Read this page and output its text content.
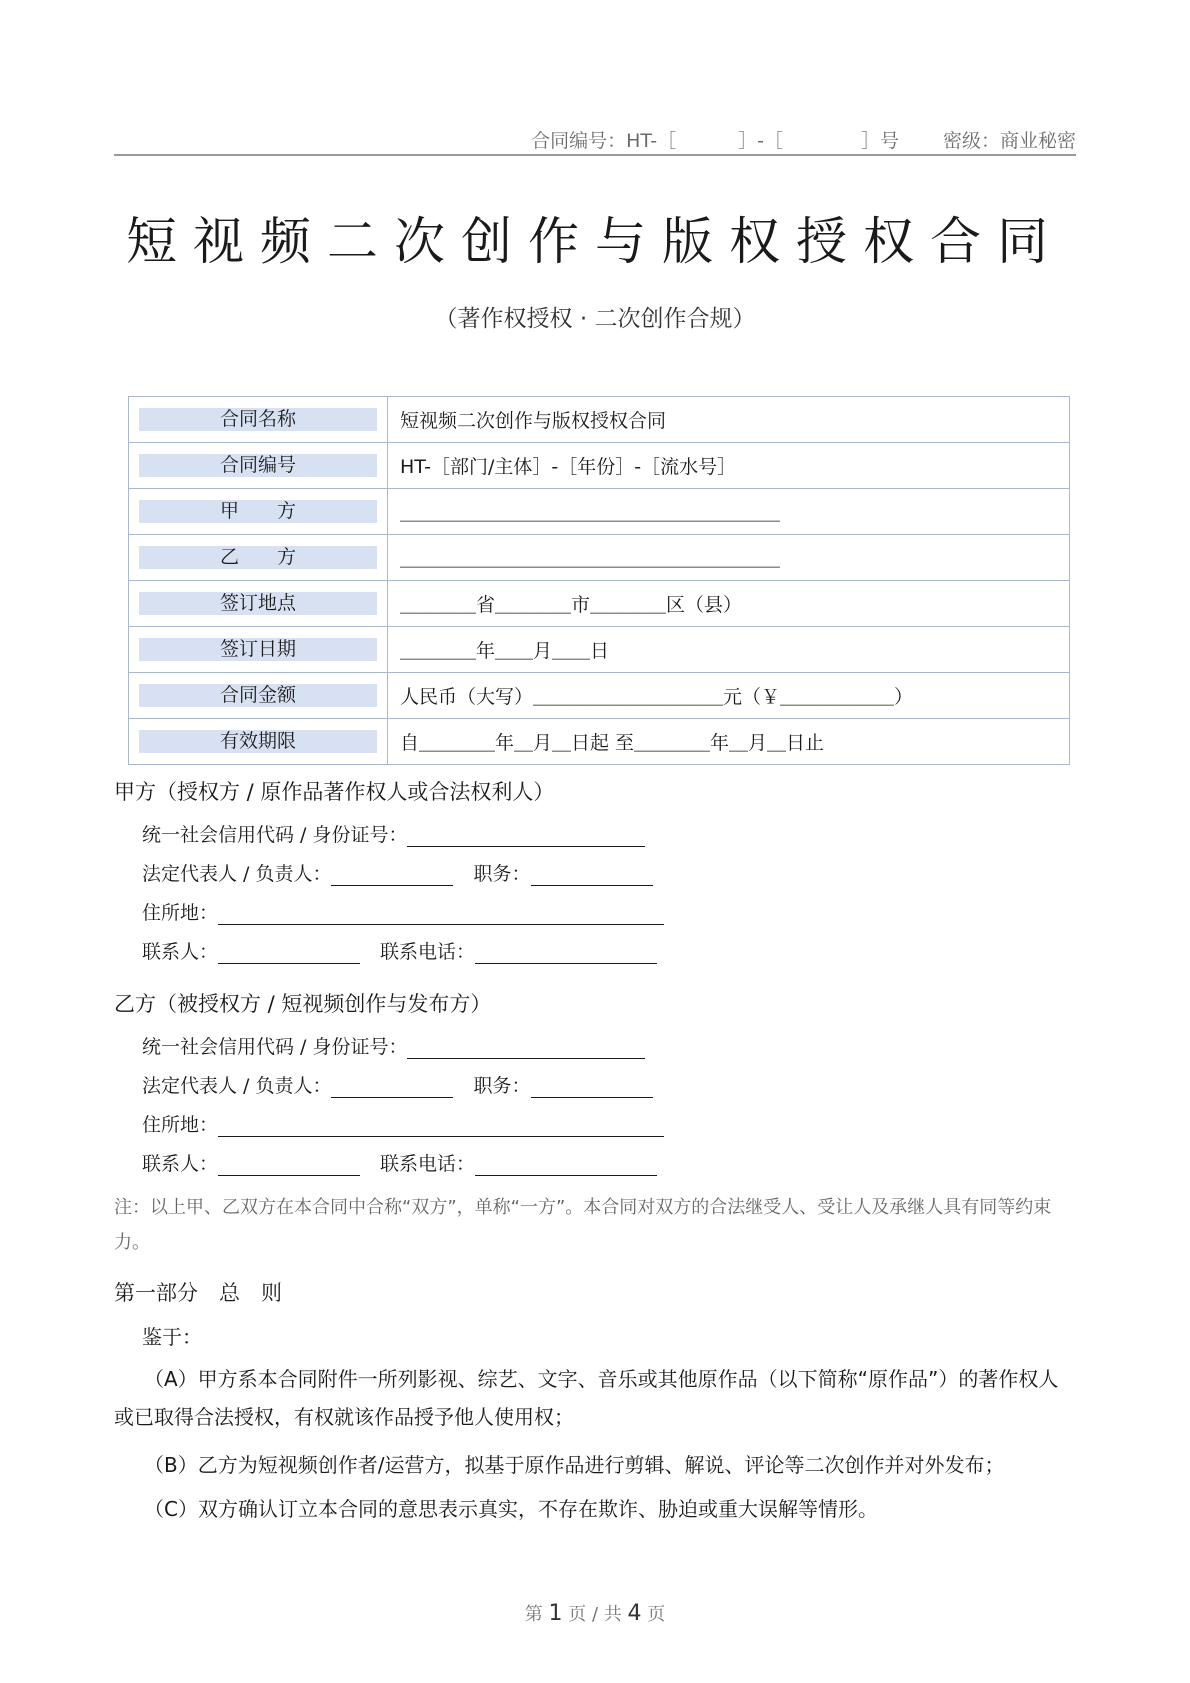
合同编号：HT-［	］-［	］号 密级：商业秘密
短视频二次创作与版权授权合同
（著作权授权 · 二次创作合规）
合同名称	短视频二次创作与版权授权合同

合同编号	HT-［部门/主体］-［年份］-［流水号］

甲　　方	＿＿＿＿＿＿＿＿＿＿＿＿＿＿＿＿＿＿＿＿

乙　　方	＿＿＿＿＿＿＿＿＿＿＿＿＿＿＿＿＿＿＿＿

签订地点	＿＿＿＿省＿＿＿＿市＿＿＿＿区（县）

签订日期	＿＿＿＿年＿＿月＿＿日

合同金额	人民币（大写）＿＿＿＿＿＿＿＿＿＿元（￥＿＿＿＿＿＿）

有效期限	自＿＿＿＿年＿月＿日起 至＿＿＿＿年＿月＿日止
甲方（授权方 / 原作品著作权人或合法权利人）
统一社会信用代码 / 身份证号：
法定代表人 / 负责人：	职务：
住所地：
联系人：	联系电话：
乙方（被授权方 / 短视频创作与发布方）
统一社会信用代码 / 身份证号：
法定代表人 / 负责人：	职务：
住所地：
联系人：	联系电话：
注：以上甲、乙双方在本合同中合称“双方”，单称“一方”。本合同对双方的合法继受人、受让人及承继人具有同等约束力。
第一部分　总　则
鉴于：
（A）甲方系本合同附件一所列影视、综艺、文字、音乐或其他原作品（以下简称“原作品”）的著作权人或已取得合法授权，有权就该作品授予他人使用权；
（B）乙方为短视频创作者/运营方，拟基于原作品进行剪辑、解说、评论等二次创作并对外发布；
（C）双方确认订立本合同的意思表示真实，不存在欺诈、胁迫或重大误解等情形。
第 1 页 / 共 4 页
